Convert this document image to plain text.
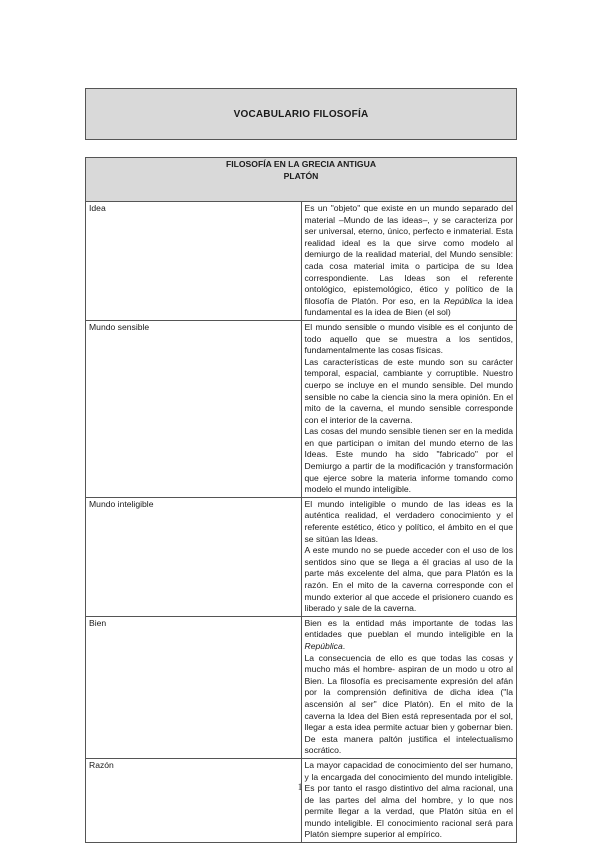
VOCABULARIO FILOSOFÍA
FILOSOFÍA EN LA GRECIA ANTIGUA
PLATÓN	

Idea	Es un "objeto" que existe en un mundo separado del material –Mundo de las ideas–, y se caracteriza por ser universal, eterno, único, perfecto e inmaterial. Esta realidad ideal es la que sirve como modelo al demiurgo de la realidad material, del Mundo sensible: cada cosa material imita o participa de su Idea correspondiente. Las Ideas son el referente ontológico, epistemológico, ético y político de la filosofía de Platón. Por eso, en la República la idea fundamental es la idea de Bien (el sol)

Mundo sensible	El mundo sensible o mundo visible es el conjunto de todo aquello que se muestra a los sentidos, fundamentalmente las cosas físicas.

Las características de este mundo son su carácter temporal, espacial, cambiante y corruptible. Nuestro cuerpo se incluye en el mundo sensible. Del mundo sensible no cabe la ciencia sino la mera opinión. En el mito de la caverna, el mundo sensible corresponde con el interior de la caverna.

Las cosas del mundo sensible tienen ser en la medida en que participan o imitan del mundo eterno de las Ideas. Este mundo ha sido "fabricado" por el Demiurgo a partir de la modificación y transformación que ejerce sobre la materia informe tomando como modelo el mundo inteligible.

Mundo inteligible	El mundo inteligible o mundo de las ideas es la auténtica realidad, el verdadero conocimiento y el referente estético, ético y político, el ámbito en el que se sitúan las Ideas.

A este mundo no se puede acceder con el uso de los sentidos sino que se llega a él gracias al uso de la parte más excelente del alma, que para Platón es la razón. En el mito de la caverna corresponde con el mundo exterior al que accede el prisionero cuando es liberado y sale de la caverna.

Bien	Bien es la entidad más importante de todas las entidades que pueblan el mundo inteligible en la República.

La consecuencia de ello es que todas las cosas y mucho más el hombre- aspiran de un modo u otro al Bien. La filosofía es precisamente expresión del afán por la comprensión definitiva de dicha idea ("la ascensión al ser" dice Platón). En el mito de la caverna la Idea del Bien está representada por el sol, llegar a esta idea permite actuar bien y gobernar bien. De esta manera paltón justifica el intelectualismo socrático.

Razón	La mayor capacidad de conocimiento del ser humano, y la encargada del conocimiento del mundo inteligible. Es por tanto el rasgo distintivo del alma racional, una de las partes del alma del hombre, y lo que nos permite llegar a la verdad, que Platón sitúa en el mundo inteligible. El conocimiento racional será para Platón siempre superior al empírico.

1
